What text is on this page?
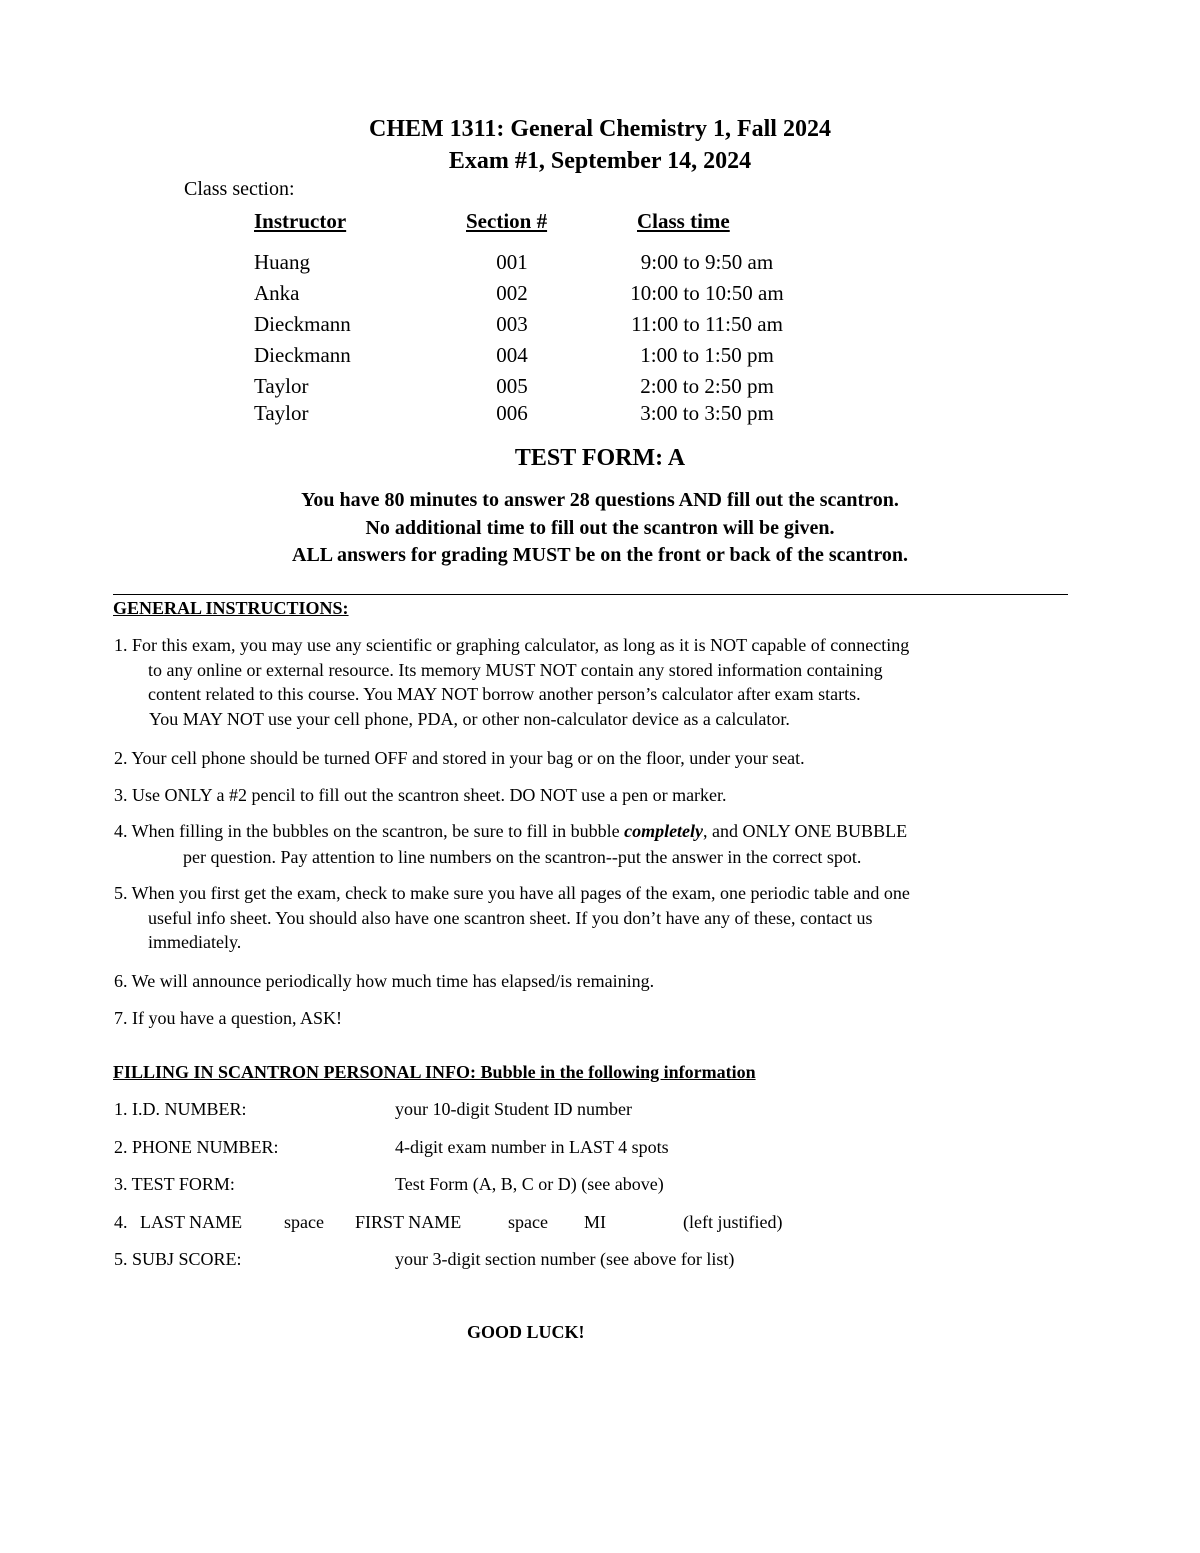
CHEM 1311: General Chemistry 1, Fall 2024
Exam #1, September 14, 2024
Class section:
Instructor	Section #	Class time
Huang	001	9:00 to 9:50 am
Anka	002	10:00 to 10:50 am
Dieckmann	003	11:00 to 11:50 am
Dieckmann	004	1:00 to 1:50 pm
Taylor	005	2:00 to 2:50 pm
Taylor	006	3:00 to 3:50 pm
TEST FORM: A
You have 80 minutes to answer 28 questions AND fill out the scantron.
No additional time to fill out the scantron will be given.
ALL answers for grading MUST be on the front or back of the scantron.
GENERAL INSTRUCTIONS:
1. For this exam, you may use any scientific or graphing calculator, as long as it is NOT capable of connecting
to any online or external resource. Its memory MUST NOT contain any stored information containing
content related to this course. You MAY NOT borrow another person’s calculator after exam starts.
You MAY NOT use your cell phone, PDA, or other non-calculator device as a calculator.
2. Your cell phone should be turned OFF and stored in your bag or on the floor, under your seat.
3. Use ONLY a #2 pencil to fill out the scantron sheet. DO NOT use a pen or marker.
4. When filling in the bubbles on the scantron, be sure to fill in bubble completely, and ONLY ONE BUBBLE
per question. Pay attention to line numbers on the scantron--put the answer in the correct spot.
5. When you first get the exam, check to make sure you have all pages of the exam, one periodic table and one
useful info sheet. You should also have one scantron sheet. If you don’t have any of these, contact us
immediately.
6. We will announce periodically how much time has elapsed/is remaining.
7. If you have a question, ASK!
FILLING IN SCANTRON PERSONAL INFO: Bubble in the following information
1. I.D. NUMBER:	your 10-digit Student ID number
2. PHONE NUMBER:	4-digit exam number in LAST 4 spots
3. TEST FORM:	Test Form (A, B, C or D) (see above)
4. LAST NAME space FIRST NAME	space MI	(left justified)
5. SUBJ SCORE:	your 3-digit section number (see above for list)
GOOD LUCK!
